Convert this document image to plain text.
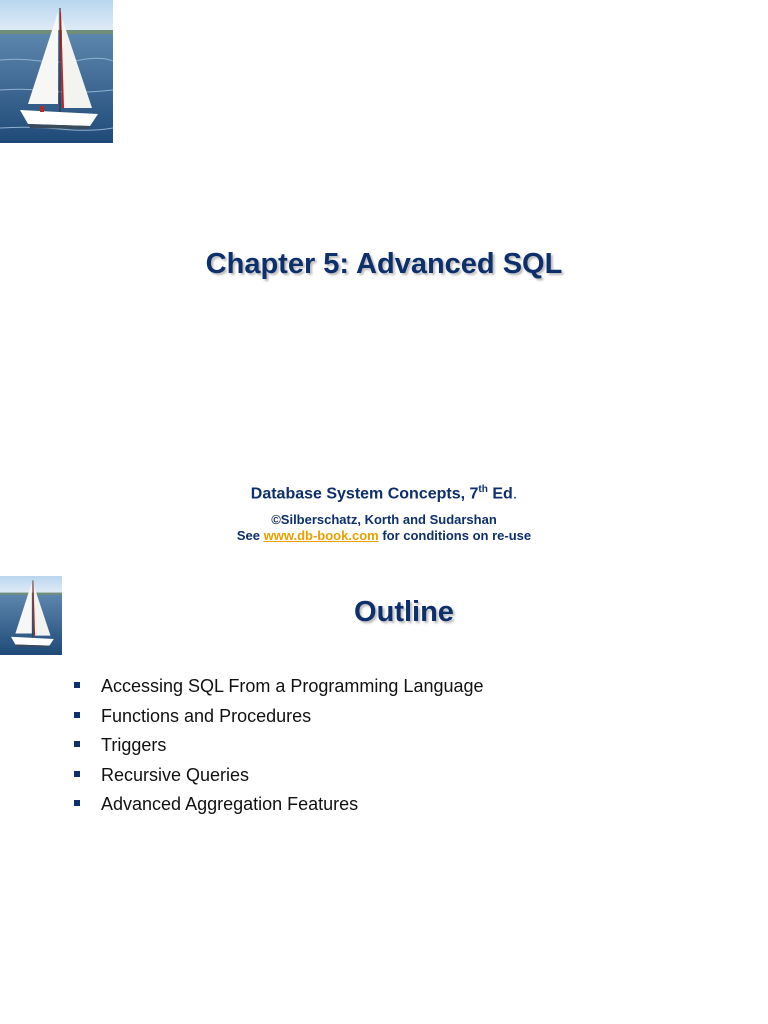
Chapter 5: Advanced SQL
Database System Concepts, 7th Ed.
©Silberschatz, Korth and Sudarshan
See www.db-book.com for conditions on re-use
Outline
Accessing SQL From a Programming Language
Functions and Procedures
Triggers
Recursive Queries
Advanced Aggregation Features
